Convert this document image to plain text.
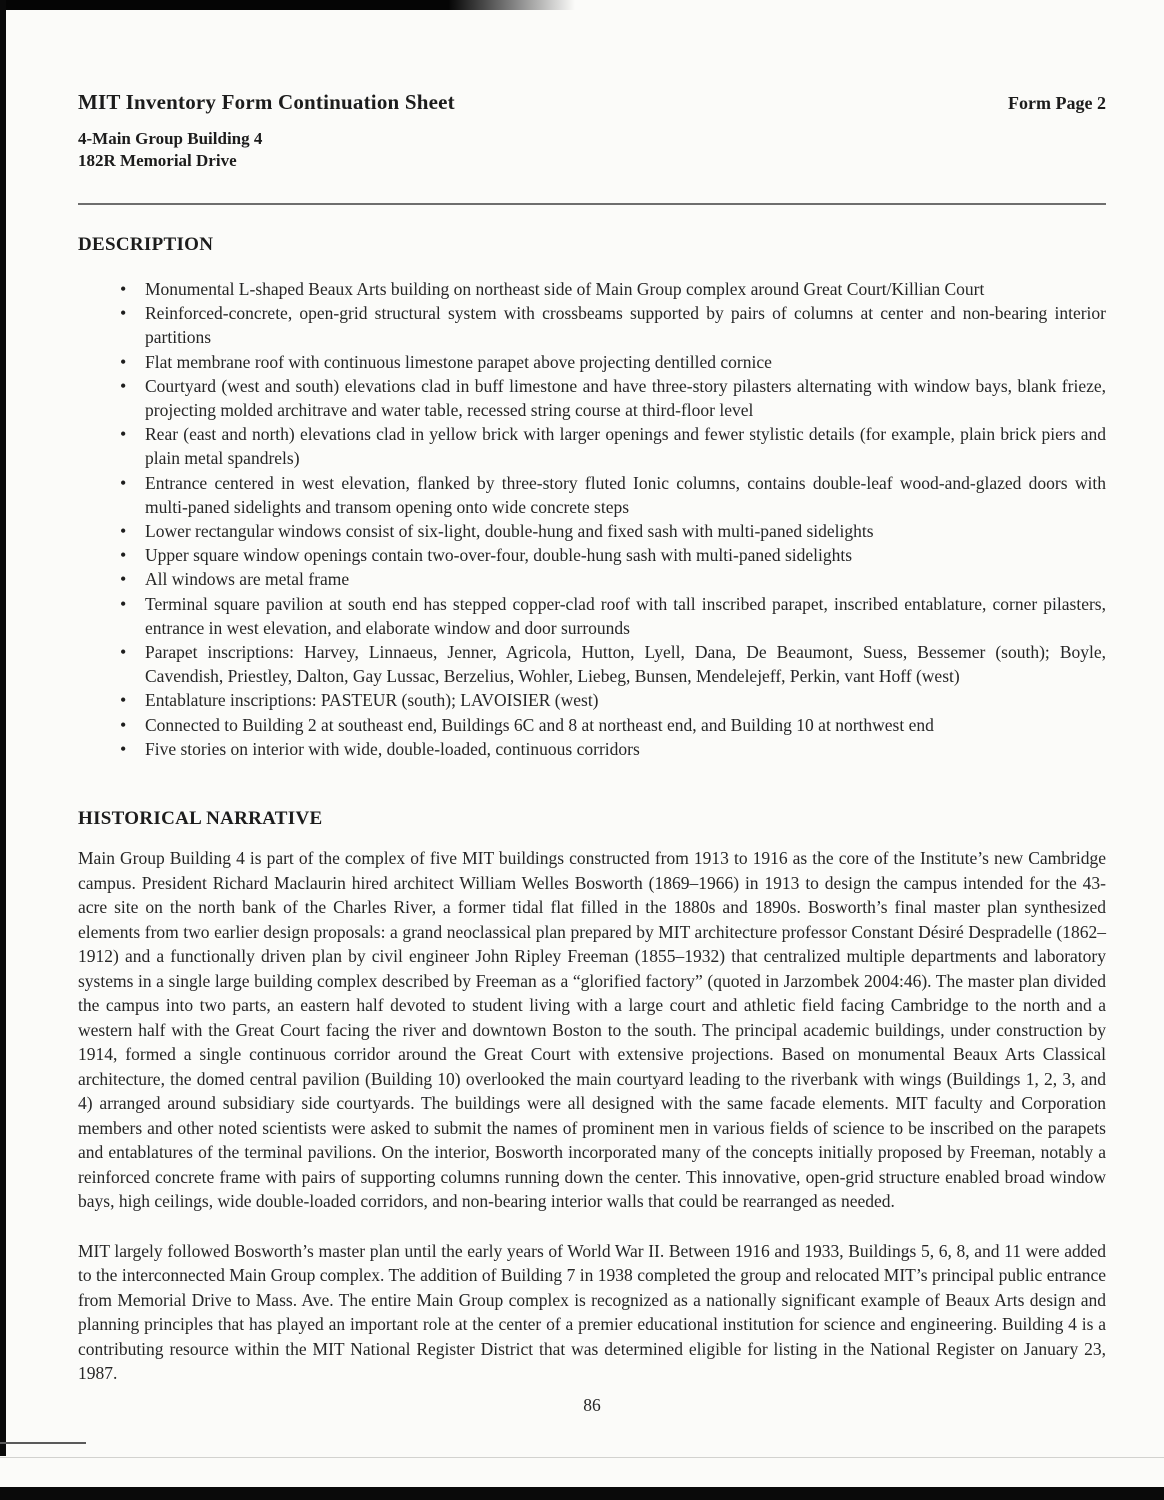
MIT Inventory Form Continuation Sheet	Form Page 2
4-Main Group Building 4
182R Memorial Drive
DESCRIPTION
• Monumental L-shaped Beaux Arts building on northeast side of Main Group complex around Great Court/Killian Court
• Reinforced-concrete, open-grid structural system with crossbeams supported by pairs of columns at center and non-bearing interior partitions
• Flat membrane roof with continuous limestone parapet above projecting dentilled cornice
• Courtyard (west and south) elevations clad in buff limestone and have three-story pilasters alternating with window bays, blank frieze, projecting molded architrave and water table, recessed string course at third-floor level
• Rear (east and north) elevations clad in yellow brick with larger openings and fewer stylistic details (for example, plain brick piers and plain metal spandrels)
• Entrance centered in west elevation, flanked by three-story fluted Ionic columns, contains double-leaf wood-and-glazed doors with multi-paned sidelights and transom opening onto wide concrete steps
• Lower rectangular windows consist of six-light, double-hung and fixed sash with multi-paned sidelights
• Upper square window openings contain two-over-four, double-hung sash with multi-paned sidelights
• All windows are metal frame
• Terminal square pavilion at south end has stepped copper-clad roof with tall inscribed parapet, inscribed entablature, corner pilasters, entrance in west elevation, and elaborate window and door surrounds
• Parapet inscriptions: Harvey, Linnaeus, Jenner, Agricola, Hutton, Lyell, Dana, De Beaumont, Suess, Bessemer (south); Boyle, Cavendish, Priestley, Dalton, Gay Lussac, Berzelius, Wohler, Liebeg, Bunsen, Mendelejeff, Perkin, vant Hoff (west)
• Entablature inscriptions: PASTEUR (south); LAVOISIER (west)
• Connected to Building 2 at southeast end, Buildings 6C and 8 at northeast end, and Building 10 at northwest end
• Five stories on interior with wide, double-loaded, continuous corridors
HISTORICAL NARRATIVE

Main Group Building 4 is part of the complex of five MIT buildings constructed from 1913 to 1916 as the core of the Institute’s new Cambridge campus. President Richard Maclaurin hired architect William Welles Bosworth (1869–1966) in 1913 to design the campus intended for the 43-acre site on the north bank of the Charles River, a former tidal flat filled in the 1880s and 1890s. Bosworth’s final master plan synthesized elements from two earlier design proposals: a grand neoclassical plan prepared by MIT architecture professor Constant Désiré Despradelle (1862–1912) and a functionally driven plan by civil engineer John Ripley Freeman (1855–1932) that centralized multiple departments and laboratory systems in a single large building complex described by Freeman as a “glorified factory” (quoted in Jarzombek 2004:46). The master plan divided the campus into two parts, an eastern half devoted to student living with a large court and athletic field facing Cambridge to the north and a western half with the Great Court facing the river and downtown Boston to the south. The principal academic buildings, under construction by 1914, formed a single continuous corridor around the Great Court with extensive projections. Based on monumental Beaux Arts Classical architecture, the domed central pavilion (Building 10) overlooked the main courtyard leading to the riverbank with wings (Buildings 1, 2, 3, and 4) arranged around subsidiary side courtyards. The buildings were all designed with the same facade elements. MIT faculty and Corporation members and other noted scientists were asked to submit the names of prominent men in various fields of science to be inscribed on the parapets and entablatures of the terminal pavilions. On the interior, Bosworth incorporated many of the concepts initially proposed by Freeman, notably a reinforced concrete frame with pairs of supporting columns running down the center. This innovative, open-grid structure enabled broad window bays, high ceilings, wide double-loaded corridors, and non-bearing interior walls that could be rearranged as needed.

MIT largely followed Bosworth’s master plan until the early years of World War II. Between 1916 and 1933, Buildings 5, 6, 8, and 11 were added to the interconnected Main Group complex. The addition of Building 7 in 1938 completed the group and relocated MIT’s principal public entrance from Memorial Drive to Mass. Ave. The entire Main Group complex is recognized as a nationally significant example of Beaux Arts design and planning principles that has played an important role at the center of a premier educational institution for science and engineering. Building 4 is a contributing resource within the MIT National Register District that was determined eligible for listing in the National Register on January 23, 1987.

86
